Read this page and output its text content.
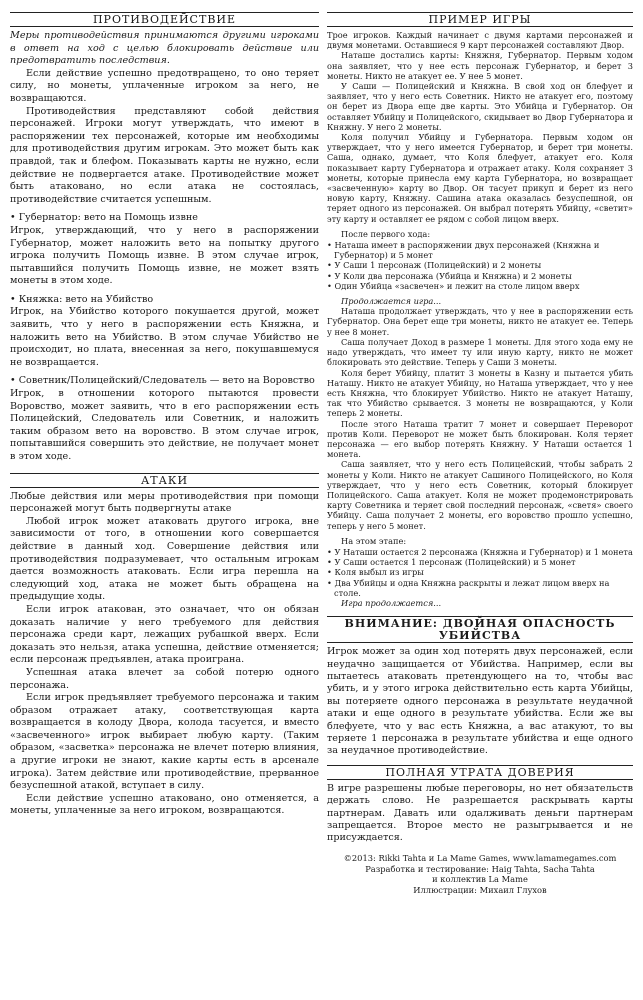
ПРОТИВОДЕЙСТВИЕ

Меры противодействия принимаются другими игроками в ответ на ход с целью блокировать действие или предотвратить последствия.

Если действие успешно предотвращено, то оно теряет силу, но монеты, уплаченные игроком за него, не возвращаются.

Противодействия представляют собой действия персонажей. Игроки могут утверждать, что имеют в распоряжении тех персонажей, которые им необходимы для противодействия другим игрокам. Это может быть как правдой, так и блефом. Показывать карты не нужно, если действие не подвергается атаке. Противодействие может быть атаковано, но если атака не состоялась, противодействие считается успешным.

• Губернатор: вето на Помощь извне

Игрок, утверждающий, что у него в распоряжении Губернатор, может наложить вето на попытку другого игрока получить Помощь извне. В этом случае игрок, пытавшийся получить Помощь извне, не может взять монеты в этом ходе.

• Княжка: вето на Убийство

Игрок, на Убийство которого покушается другой, может заявить, что у него в распоряжении есть Княжна, и наложить вето на Убийство. В этом случае Убийство не происходит, но плата, внесенная за него, покушавшемуся не возвращается.

• Советник/Полицейский/Следователь — вето на Воровство

Игрок, в отношении которого пытаются провести Воровство, может заявить, что в его распоряжении есть Полицейский, Следователь или Советник, и наложить таким образом вето на воровство. В этом случае игрок, попытавшийся совершить это действие, не получает монет в этом ходе.

АТАКИ

Любые действия или меры противодействия при помощи персонажей могут быть подвергнуты атаке

Любой игрок может атаковать другого игрока, вне зависимости от того, в отношении кого совершается действие в данный ход. Совершение действия или противодействия подразумевает, что остальным игрокам дается возможность атаковать. Если игра перешла на следующий ход, атака не может быть обращена на предыдущие ходы.

Если игрок атакован, это означает, что он обязан доказать наличие у него требуемого для действия персонажа среди карт, лежащих рубашкой вверх. Если доказать это нельзя, атака успешна, действие отменяется; если персонаж предъявлен, атака проиграна.

Успешная атака влечет за собой потерю одного персонажа.

Если игрок предъявляет требуемого персонажа и таким образом отражает атаку, соответствующая карта возвращается в колоду Двора, колода тасуется, и вместо «засвеченного» игрок выбирает любую карту. (Таким образом, «засветка» персонажа не влечет потерю влияния, а другие игроки не знают, какие карты есть в арсенале игрока). Затем действие или противодействие, прерванное безуспешной атакой, вступает в силу.

Если действие успешно атаковано, оно отменяется, а монеты, уплаченные за него игроком, возвращаются.

ПРИМЕР ИГРЫ

Трое игроков. Каждый начинает с двумя картами персонажей и двумя монетами. Оставшиеся 9 карт персонажей составляют Двор.

Наташе достались карты: Княжня, Губернатор. Первым ходом она заявляет, что у нее есть персонаж Губернатор, и берет 3 монеты. Никто не атакует ее. У нее 5 монет.

У Саши — Полицейский и Княжна. В свой ход он блефует и заявляет, что у него есть Советник. Никто не атакует его, поэтому он берет из Двора еще две карты. Это Убийца и Губернатор. Он оставляет Убийцу и Полицейского, скидывает во Двор Губернатора и Княжну. У него 2 монеты.

Коля получил Убийцу и Губернатора. Первым ходом он утверждает, что у него имеется Губернатор, и берет три монеты. Саша, однако, думает, что Коля блефует, атакует его. Коля показывает карту Губернатора и отражает атаку. Коля сохраняет 3 монеты, которые принесла ему карта Губернатора, но возвращает «засвеченную» карту во Двор. Он тасует прикуп и берет из него новую карту, Княжну. Сашина атака оказалась безуспешной, он теряет одного из персонажей. Он выбрал потерять Убийцу, «светит» эту карту и оставляет ее рядом с собой лицом вверх.

После первого хода:

• Наташа имеет в распоряжении двух персонажей (Княжна и Губернатор) и 5 монет
• У Саши 1 персонаж (Полицейский) и 2 монеты
• У Коли два персонажа (Убийца и Княжна) и 2 монеты
• Один Убийца «засвечен» и лежит на столе лицом вверх

Продолжается игра...

Наташа продолжает утверждать, что у нее в распоряжении есть Губернатор. Она берет еще три монеты, никто не атакует ее. Теперь у нее 8 монет.

Саша получает Доход в размере 1 монеты. Для этого хода ему не надо утверждать, что имеет ту или иную карту, никто не может блокировать это действие. Теперь у Саши 3 монеты.

Коля берет Убийцу, платит 3 монеты в Казну и пытается убить Наташу. Никто не атакует Убийцу, но Наташа утверждает, что у нее есть Княжна, что блокирует Убийство. Никто не атакует Наташу, так что Убийство срывается. 3 монеты не возвращаются, у Коли теперь 2 монеты.

После этого Наташа тратит 7 монет и совершает Переворот против Коли. Переворот не может быть блокирован. Коля теряет персонажа — его выбор потерять Княжну. У Наташи остается 1 монета.

Саша заявляет, что у него есть Полицейский, чтобы забрать 2 монеты у Коли. Никто не атакует Сашиного Полицейского, но Коля утверждает, что у него есть Советник, который блокирует Полицейского. Саша атакует. Коля не может продемонстрировать карту Советника и теряет свой последний персонаж, «светя» своего Убийцу. Саша получает 2 монеты, его воровство прошло успешно, теперь у него 5 монет.

На этом этапе:

• У Наташи остается 2 персонажа (Княжна и Губернатор) и 1 монета
• У Саши остается 1 персонаж (Полицейский) и 5 монет
• Коля выбыл из игры
• Два Убийцы и одна Княжна раскрыты и лежат лицом вверх на столе.

Игра продолжается...

ВНИМАНИЕ: ДВОЙНАЯ ОПАСНОСТЬ УБИЙСТВА

Игрок может за один ход потерять двух персонажей, если неудачно защищается от Убийства. Например, если вы пытаетесь атаковать претендующего на то, чтобы вас убить, и у этого игрока действительно есть карта Убийцы, вы потеряете одного персонажа в результате неудачной атаки и еще одного в результате убийства. Если же вы блефуете, что у вас есть Княжна, а вас атакуют, то вы теряете 1 персонажа в результате убийства и еще одного за неудачное противодействие.

ПОЛНАЯ УТРАТА ДОВЕРИЯ

В игре разрешены любые переговоры, но нет обязательств держать слово. Не разрешается раскрывать карты партнерам. Давать или одалживать деньги партнерам запрещается. Второе место не разыгрывается и не присуждается.

©2013: Rikki Tahta и La Mame Games, www.lamamegames.com

Разработка и тестирование: Haig Tahta, Sacha Tahta

и коллектив La Mame

Иллюстрации: Михаил Глухов
